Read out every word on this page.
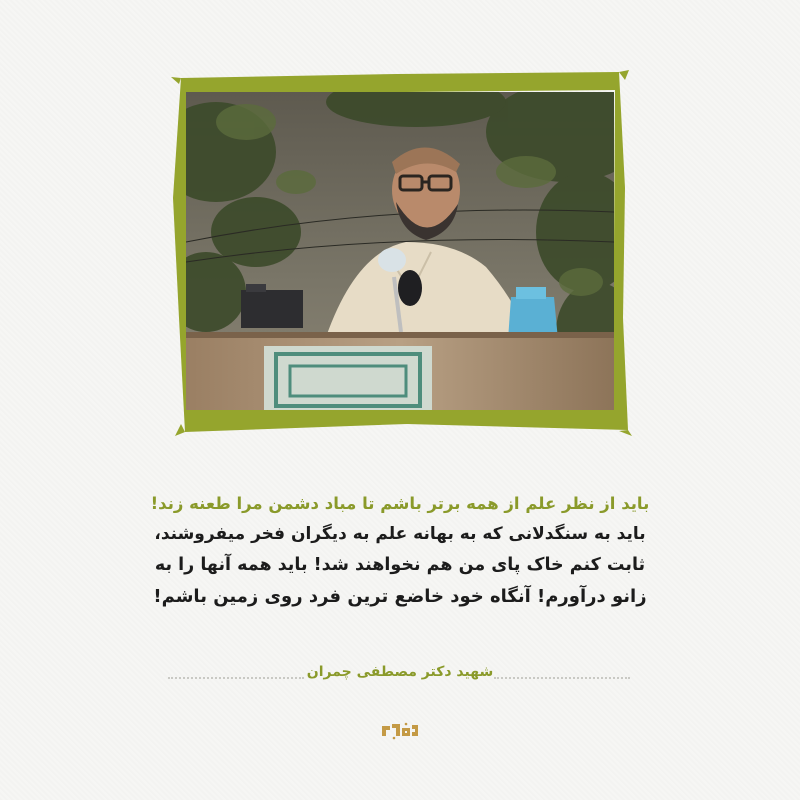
باید از نظر علم از همه برتر باشم تا مباد دشمن مرا طعنه زند!
باید به سنگدلانی که به بهانه علم به دیگران فخر میفروشند،
ثابت کنم خاک پای من هم نخواهند شد! باید همه آنها را به
زانو درآورم! آنگاه خود خاضع ترین فرد روی زمین باشم!
شهید دکتر مصطفی چمران
